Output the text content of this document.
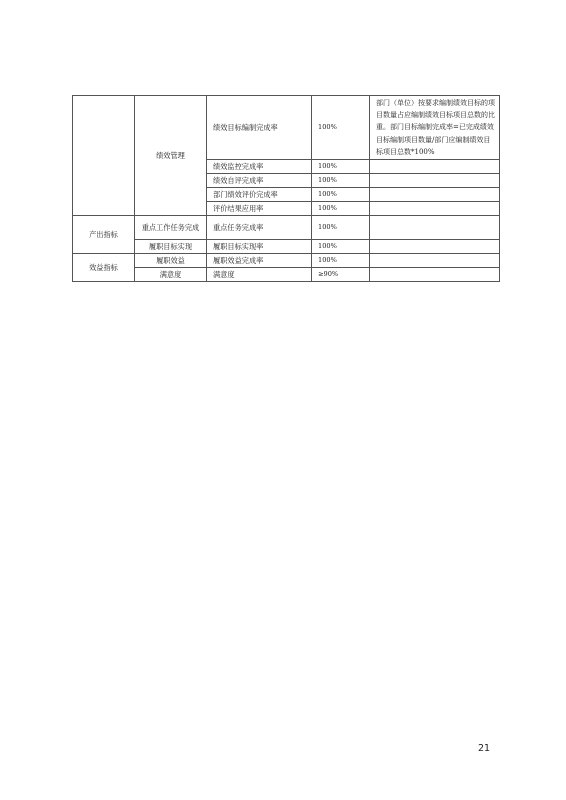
	绩效管理	绩效目标编制完成率	100%	部门（单位）按要求编制绩效目标的项目数量占应编制绩效目标项目总数的比重。部门目标编制完成率=已完成绩效目标编制项目数量/部门应编制绩效目标项目总数*100%
		绩效监控完成率	100%	
		绩效自评完成率	100%	
		部门绩效评价完成率	100%	
		评价结果应用率	100%	
产出指标	重点工作任务完成	重点任务完成率	100%	
	履职目标实现	履职目标实现率	100%	
效益指标	履职效益	履职效益完成率	100%	
	满意度	满意度	≥90%	
21
